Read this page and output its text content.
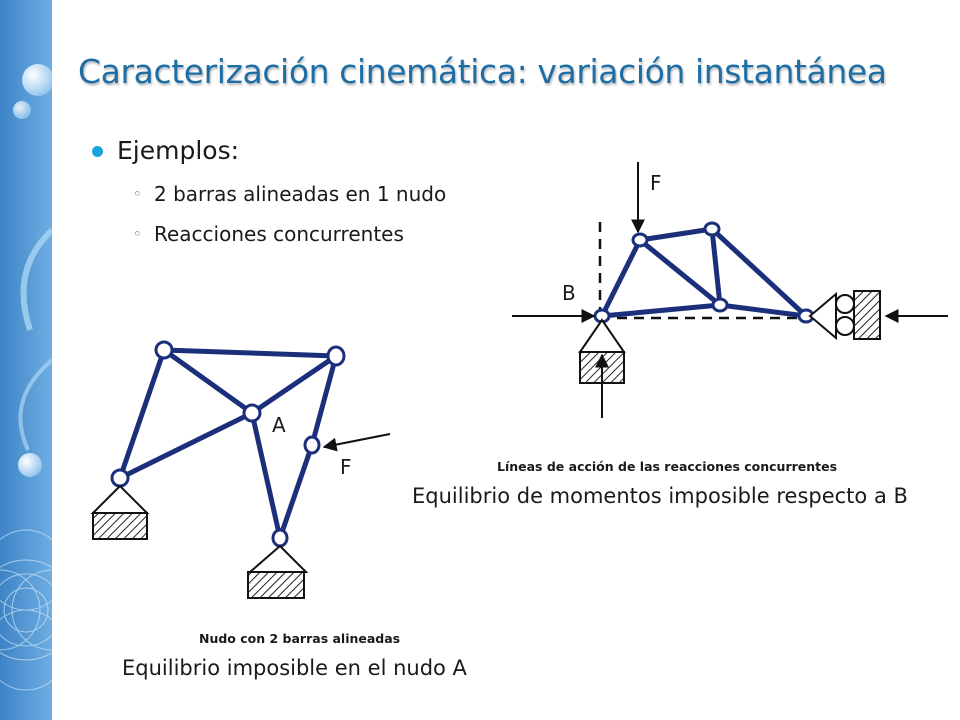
Caracterización cinemática: variación instantánea
Ejemplos:
◦ 2 barras alineadas en 1 nudo
◦ Reacciones concurrentes
A
F
F
B
Líneas de acción de las reacciones concurrentes
Equilibrio de momentos imposible respecto a B
Nudo con 2 barras alineadas
Equilibrio imposible en el nudo A
